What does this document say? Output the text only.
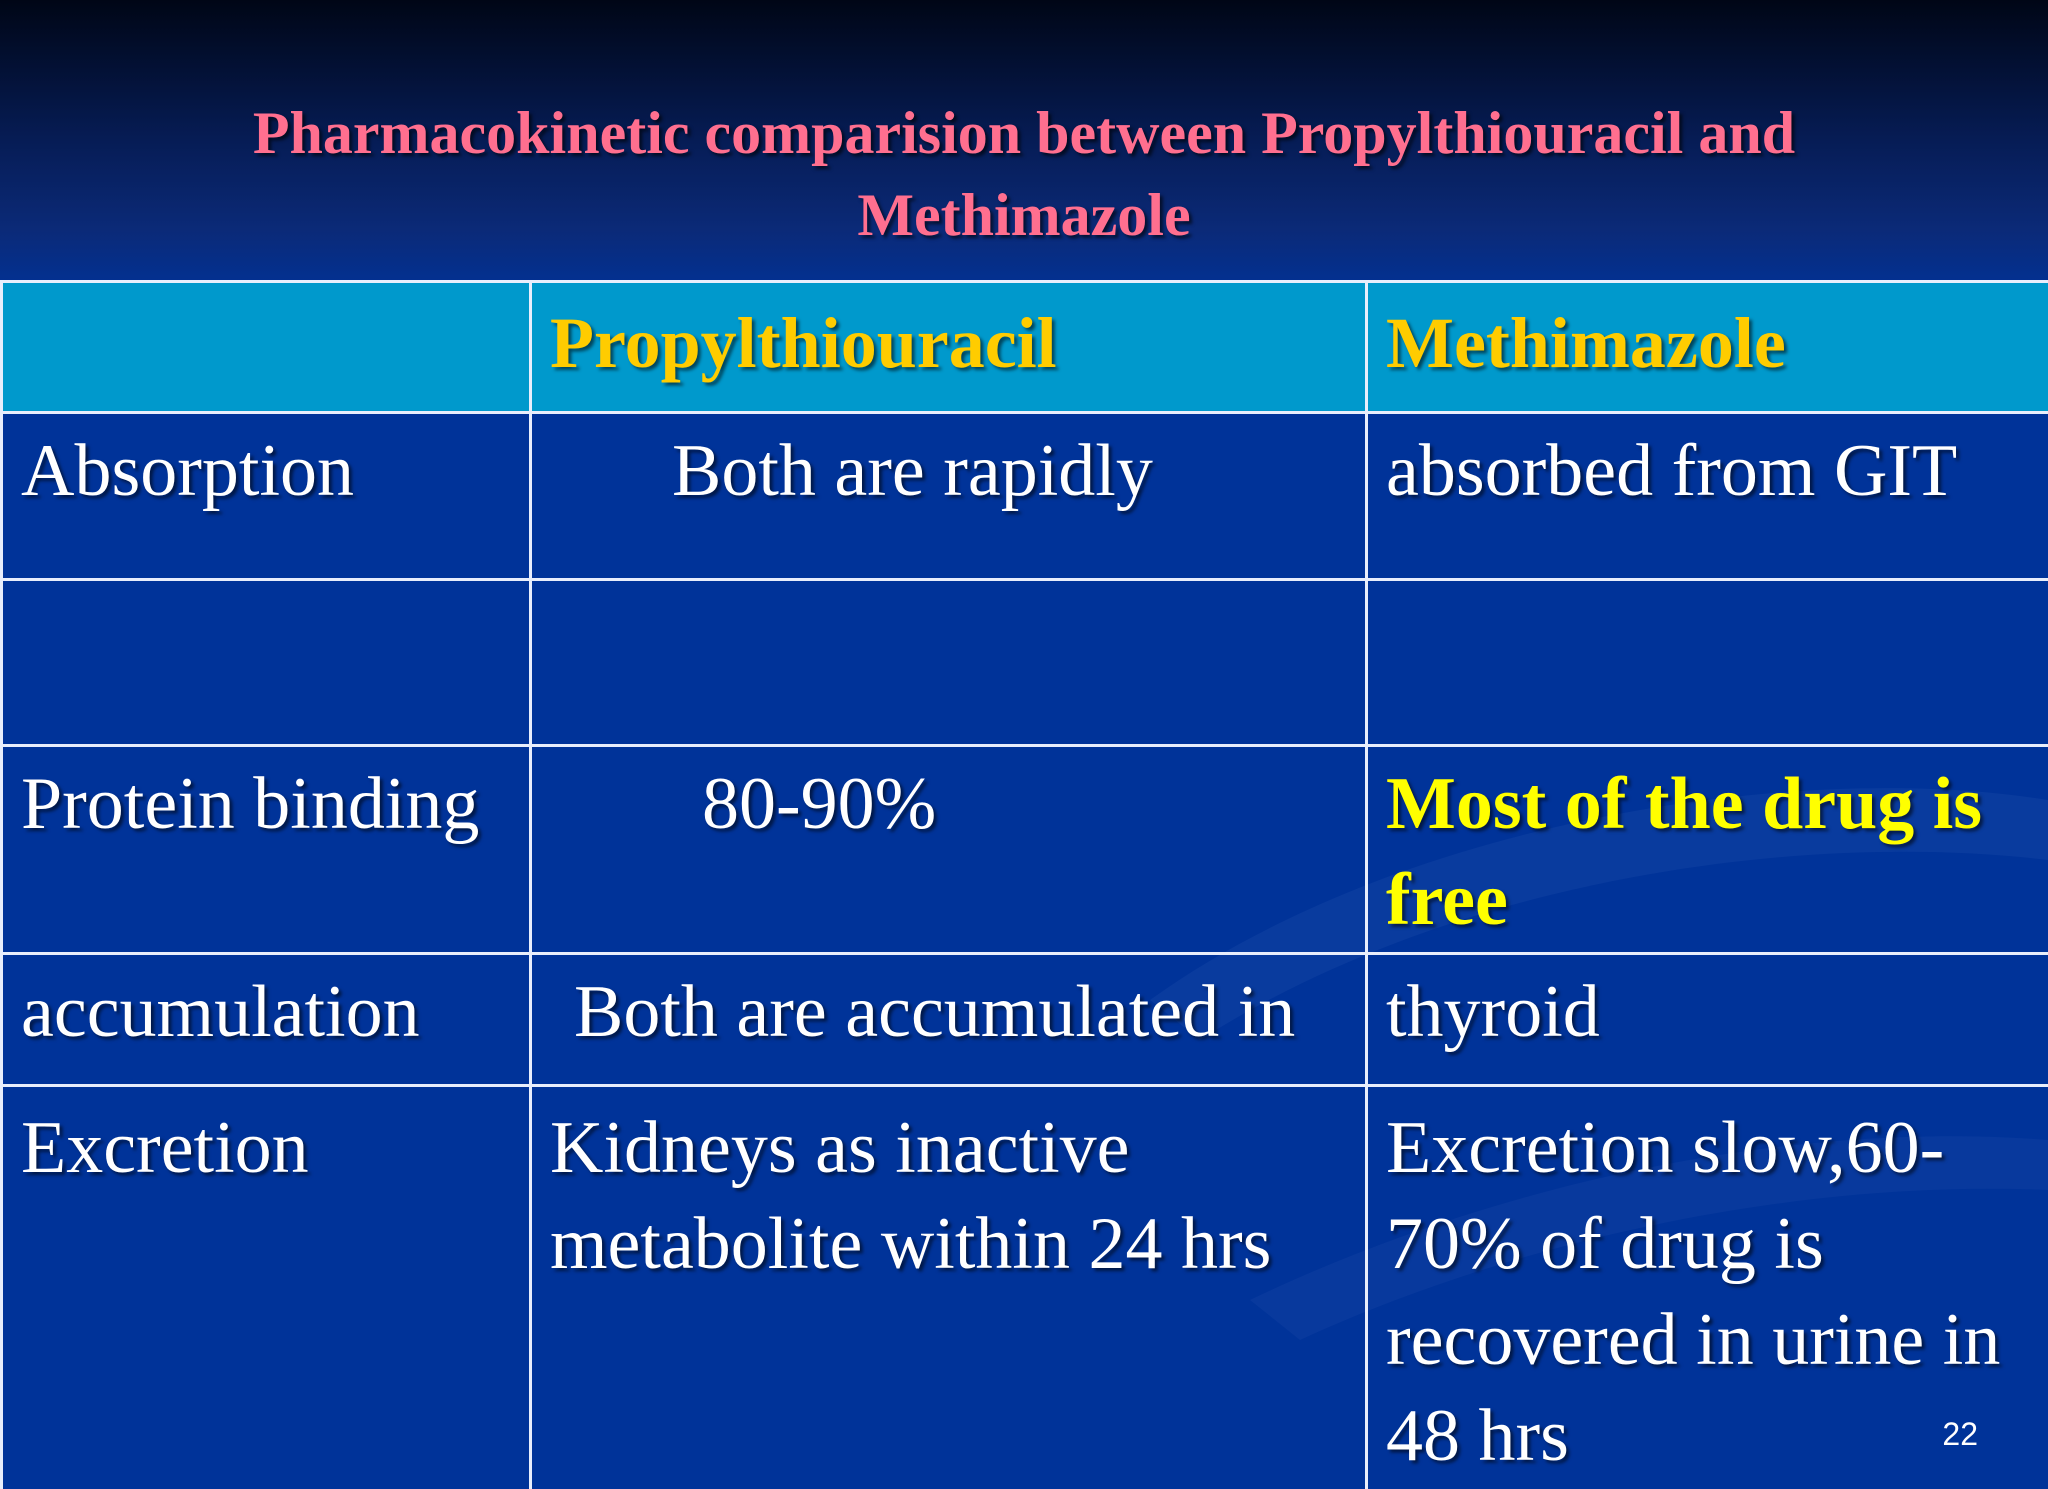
Pharmacokinetic comparision between Propylthiouracil and
Methimazole
	Propylthiouracil	Methimazole
Absorption	Both are rapidly	absorbed from GIT

Protein binding	80-90%	Most of the drug is free
accumulation	Both are accumulated in	thyroid
Excretion	Kidneys as inactive metabolite within 24 hrs	Excretion slow,60-70% of drug is recovered in urine in 48 hrs	22
